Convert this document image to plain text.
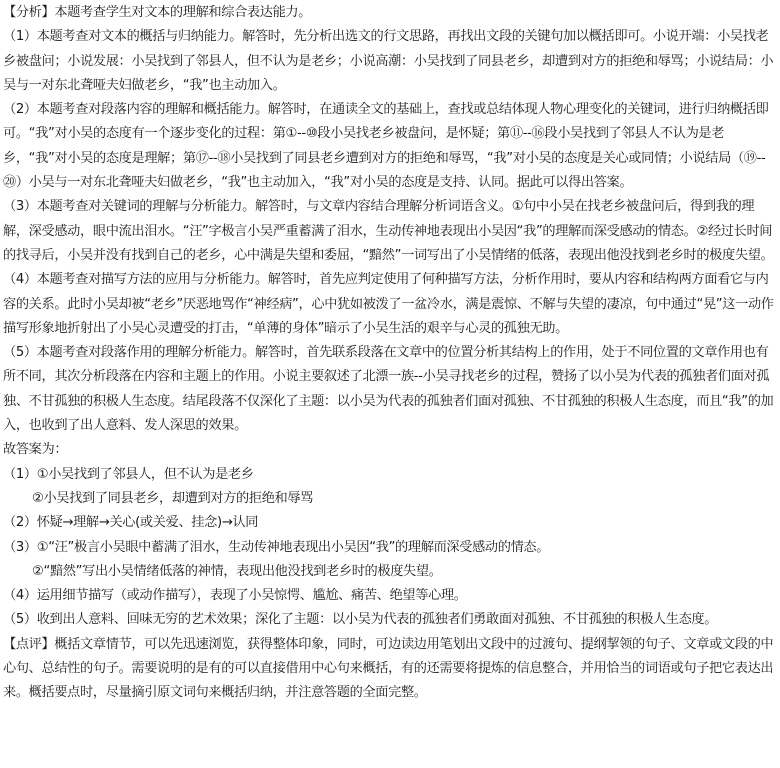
【分析】本题考查学生对文本的理解和综合表达能力。

（1）本题考查对文本的概括与归纳能力。解答时，先分析出选文的行文思路，再找出文段的关键句加以概括即可。小说开端：小吴找老乡被盘问；小说发展：小吴找到了邻县人，但不认为是老乡；小说高潮：小吴找到了同县老乡，却遭到对方的拒绝和辱骂；小说结局：小吴与一对东北聋哑夫妇做老乡，“我”也主动加入。

（2）本题考查对段落内容的理解和概括能力。解答时，在通读全文的基础上，查找或总结体现人物心理变化的关键词，进行归纳概括即可。“我”对小吴的态度有一个逐步变化的过程：第①--⑩段小吴找老乡被盘问，是怀疑；第⑪--⑯段小吴找到了邻县人不认为是老乡，“我”对小吴的态度是理解；第⑰--⑱小吴找到了同县老乡遭到对方的拒绝和辱骂，“我”对小吴的态度是关心或同情；小说结局（⑲--⑳）小吴与一对东北聋哑夫妇做老乡，“我”也主动加入，“我”对小吴的态度是支持、认同。据此可以得出答案。

（3）本题考查对关键词的理解与分析能力。解答时，与文章内容结合理解分析词语含义。①句中小吴在找老乡被盘问后，得到我的理解，深受感动，眼中流出泪水。“汪”字极言小吴严重蓄满了泪水，生动传神地表现出小吴因“我”的理解而深受感动的情态。②经过长时间的找寻后，小吴并没有找到自己的老乡，心中满是失望和委屈，“黯然”一词写出了小吴情绪的低落，表现出他没找到老乡时的极度失望。

（4）本题考查对描写方法的应用与分析能力。解答时，首先应判定使用了何种描写方法，分析作用时，要从内容和结构两方面看它与内容的关系。此时小吴却被“老乡”厌恶地骂作“神经病”，心中犹如被泼了一盆冷水，满是震惊、不解与失望的凄凉，句中通过“晃”这一动作描写形象地折射出了小吴心灵遭受的打击，“单薄的身体”暗示了小吴生活的艰辛与心灵的孤独无助。

（5）本题考查对段落作用的理解分析能力。解答时，首先联系段落在文章中的位置分析其结构上的作用，处于不同位置的文章作用也有所不同，其次分析段落在内容和主题上的作用。小说主要叙述了北漂一族--小吴寻找老乡的过程，赞扬了以小吴为代表的孤独者们面对孤独、不甘孤独的积极人生态度。结尾段落不仅深化了主题：以小吴为代表的孤独者们面对孤独、不甘孤独的积极人生态度，而且“我”的加入，也收到了出人意料、发人深思的效果。

故答案为：

（1）①小吴找到了邻县人，但不认为是老乡

②小吴找到了同县老乡，却遭到对方的拒绝和辱骂

（2）怀疑→理解→关心(或关爱、挂念)→认同

（3）①“汪”极言小吴眼中蓄满了泪水，生动传神地表现出小吴因“我”的理解而深受感动的情态。

②“黯然”写出小吴情绪低落的神情，表现出他没找到老乡时的极度失望。

（4）运用细节描写（或动作描写），表现了小吴惊愕、尴尬、痛苦、绝望等心理。

（5）收到出人意料、回味无穷的艺术效果；深化了主题：以小吴为代表的孤独者们勇敢面对孤独、不甘孤独的积极人生态度。

【点评】概括文章情节，可以先迅速浏览，获得整体印象，同时，可边读边用笔划出文段中的过渡句、提纲挈领的句子、文章或文段的中心句、总结性的句子。需要说明的是有的可以直接借用中心句来概括，有的还需要将提炼的信息整合，并用恰当的词语或句子把它表达出来。概括要点时，尽量摘引原文词句来概括归纳，并注意答题的全面完整。
